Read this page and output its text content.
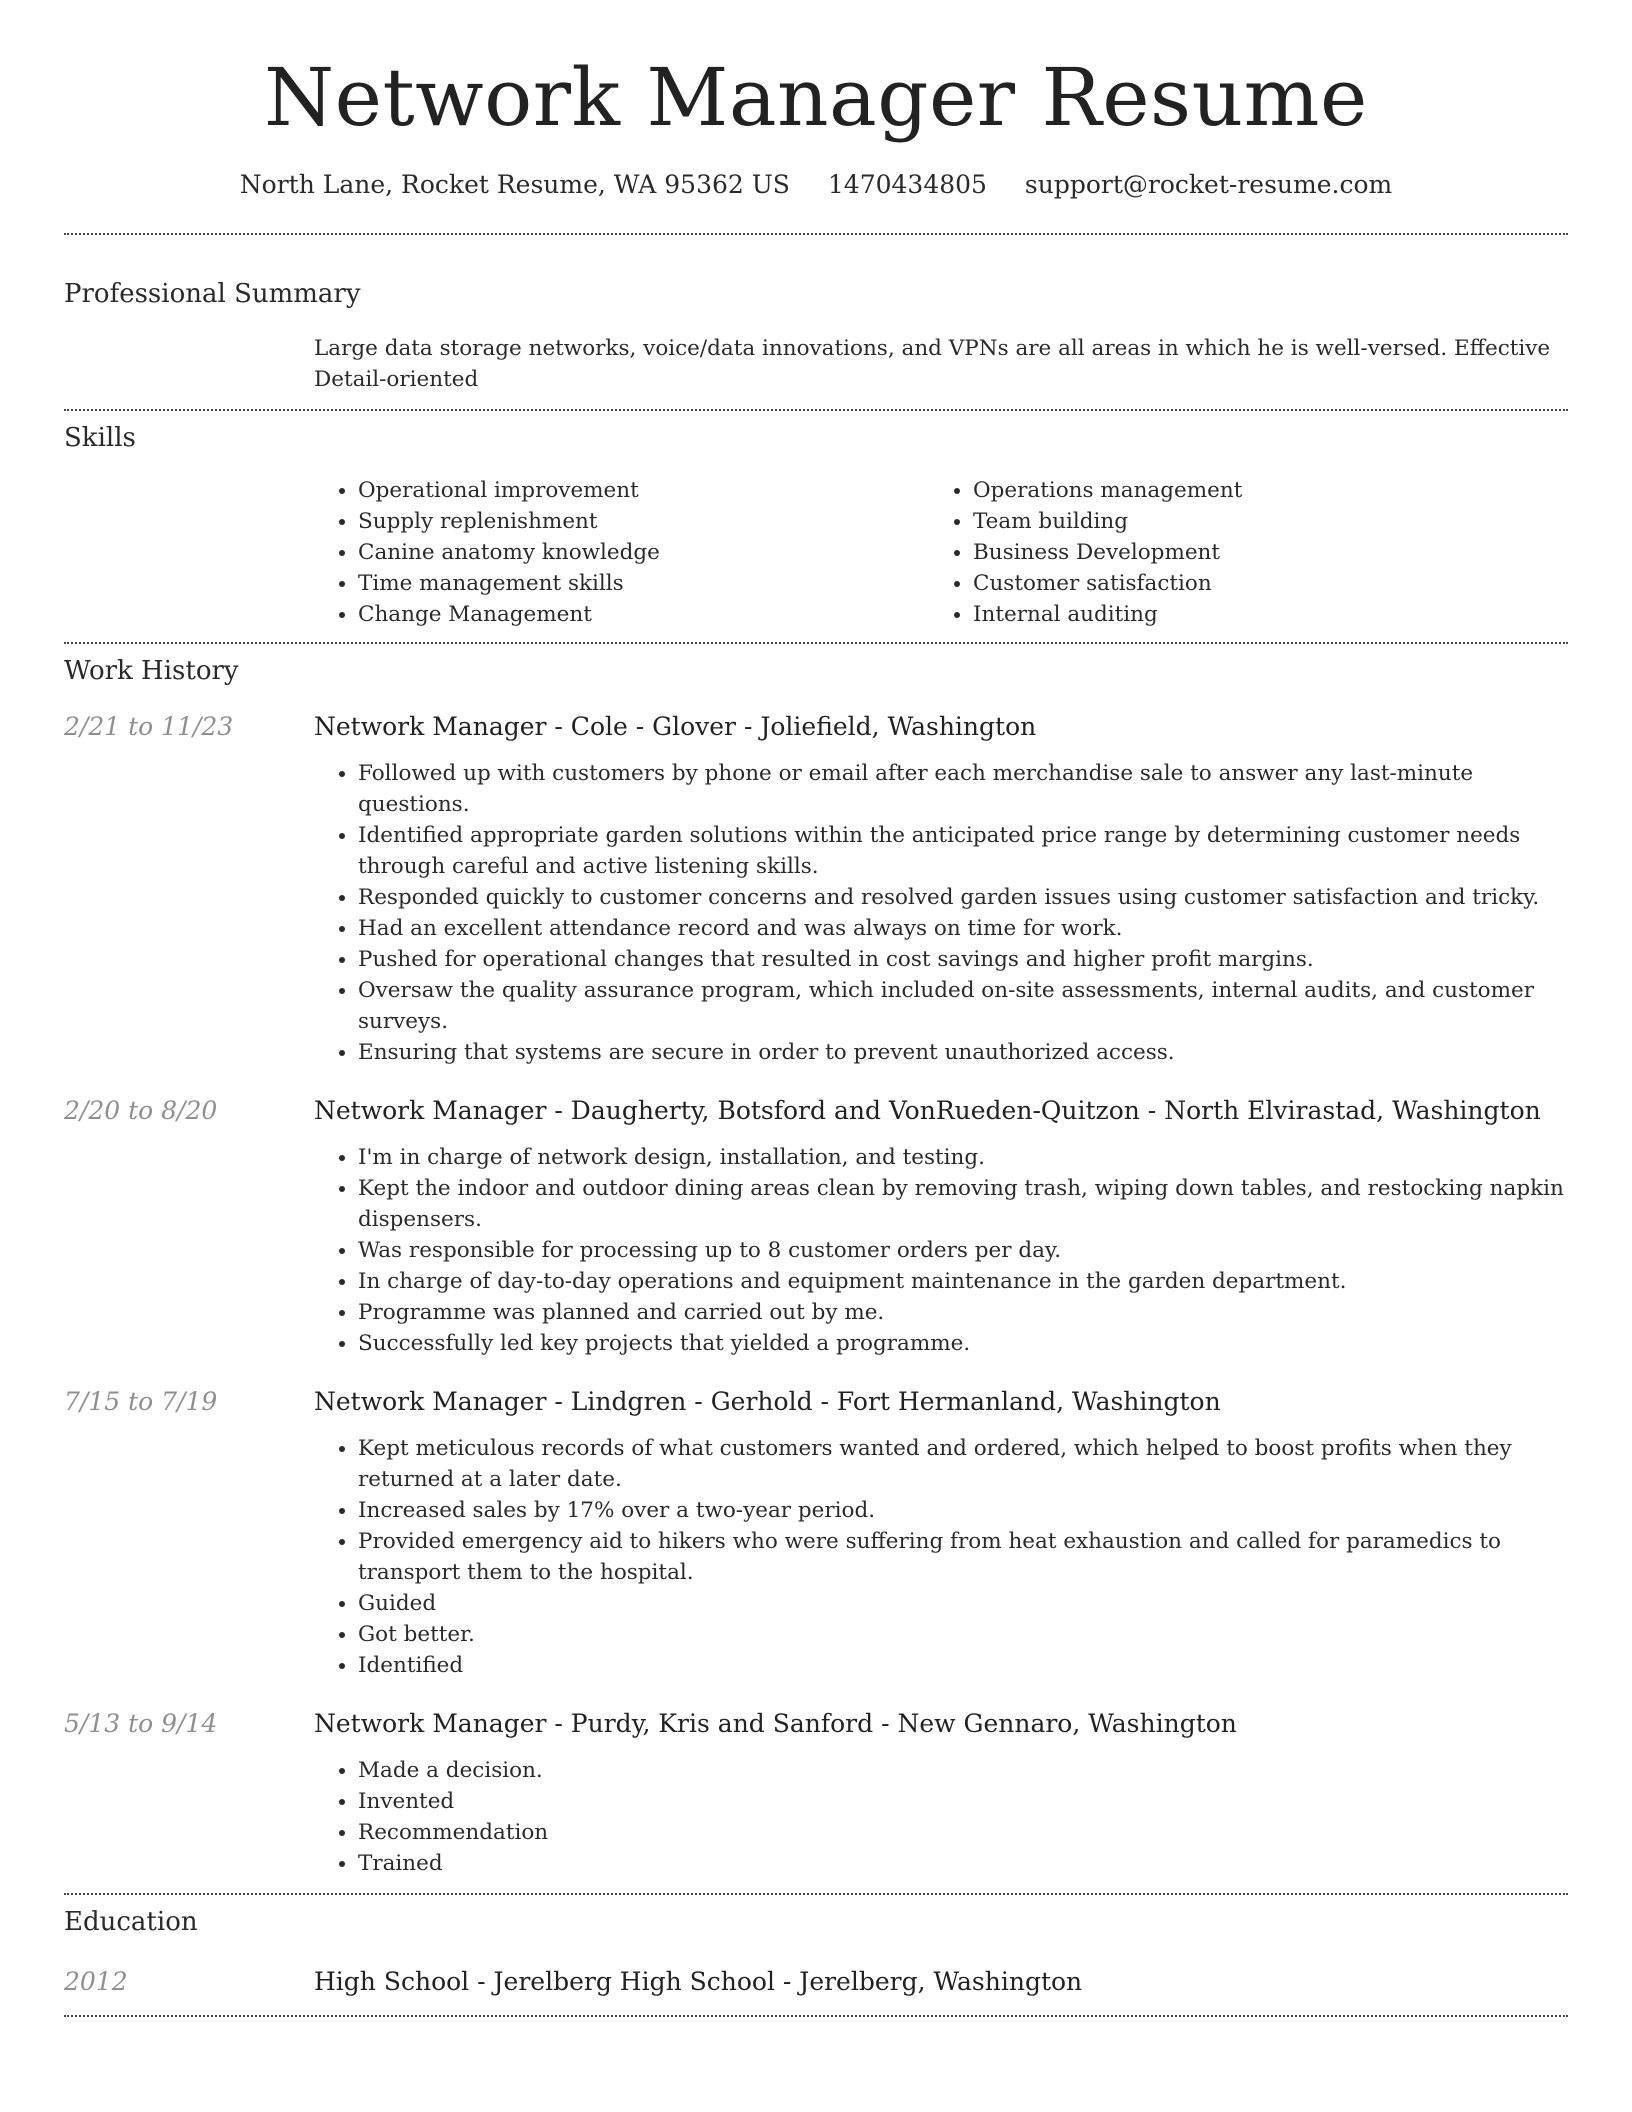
Network Manager Resume
North Lane, Rocket Resume, WA 95362 US 1470434805 support@rocket-resume.com
Professional Summary
Large data storage networks, voice/data innovations, and VPNs are all areas in which he is well-versed. Effective Detail-oriented
Skills
• Operational improvement
• Supply replenishment
• Canine anatomy knowledge
• Time management skills
• Change Management
• Operations management
• Team building
• Business Development
• Customer satisfaction
• Internal auditing
Work History
2/21 to 11/23	Network Manager - Cole - Glover - Joliefield, Washington
• Followed up with customers by phone or email after each merchandise sale to answer any last-minute questions.
• Identified appropriate garden solutions within the anticipated price range by determining customer needs through careful and active listening skills.
• Responded quickly to customer concerns and resolved garden issues using customer satisfaction and tricky.
• Had an excellent attendance record and was always on time for work.
• Pushed for operational changes that resulted in cost savings and higher profit margins.
• Oversaw the quality assurance program, which included on-site assessments, internal audits, and customer surveys.
• Ensuring that systems are secure in order to prevent unauthorized access.
2/20 to 8/20	Network Manager - Daugherty, Botsford and VonRueden-Quitzon - North Elvirastad, Washington
• I'm in charge of network design, installation, and testing.
• Kept the indoor and outdoor dining areas clean by removing trash, wiping down tables, and restocking napkin dispensers.
• Was responsible for processing up to 8 customer orders per day.
• In charge of day-to-day operations and equipment maintenance in the garden department.
• Programme was planned and carried out by me.
• Successfully led key projects that yielded a programme.
7/15 to 7/19	Network Manager - Lindgren - Gerhold - Fort Hermanland, Washington
• Kept meticulous records of what customers wanted and ordered, which helped to boost profits when they returned at a later date.
• Increased sales by 17% over a two-year period.
• Provided emergency aid to hikers who were suffering from heat exhaustion and called for paramedics to transport them to the hospital.
• Guided
• Got better.
• Identified
5/13 to 9/14	Network Manager - Purdy, Kris and Sanford - New Gennaro, Washington
• Made a decision.
• Invented
• Recommendation
• Trained
Education
2012	High School - Jerelberg High School - Jerelberg, Washington
